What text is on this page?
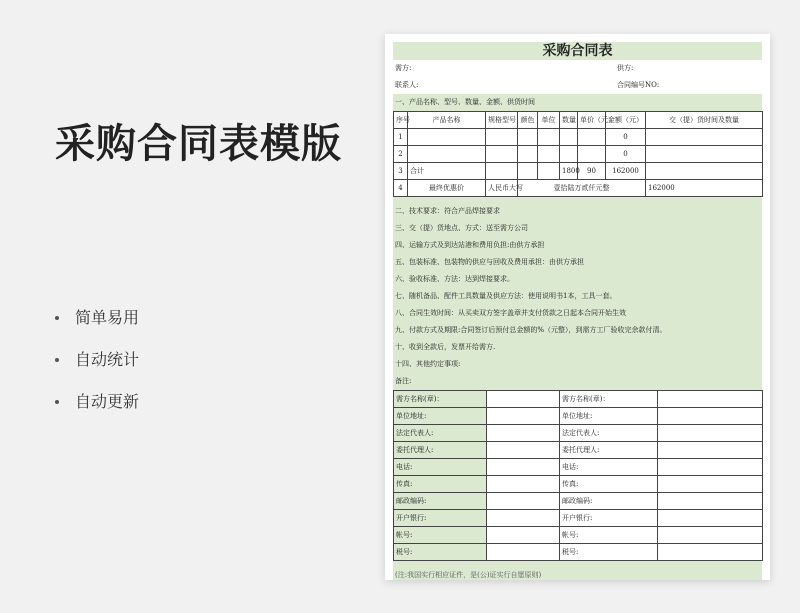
采购合同表模版
简单易用
自动统计
自动更新
采购合同表
需方:	供方:
联系人:	合同编号NO:
一、产品名称、型号、数量、金额、供货时间
序号	产品名称	规格型号	颜色	单位	数量	单价（元）	金额（元）	交（提）货时间及数量
1							0	
2							0	
3	合计				1800	90	162000	
4	最终优惠价	人民币大写	壹拾陆万贰仟元整					162000
二、技术要求：符合产品焊接要求
三、交（提）货地点、方式：送至需方公司
四、运输方式及到达站港和费用负担:由供方承担
五、包装标准、包装物的供应与回收及费用承担：由供方承担
六、验收标准、方法：达到焊接要求。
七、随机备品、配件工具数量及供应方法：使用说明书1本，工具一套。
八、合同生效时间：从买卖双方签字盖章并支付货款之日起本合同开始生效
九、付款方式及期限:合同签订后预付总金额的%（元整），到需方工厂验收完余款付清。
十、收到全款后，发票开给需方.
十四、其他约定事项:
备注:
需方名称(章)：		需方名称(章)：	
单位地址:		单位地址:	
法定代表人:		法定代表人:	
委托代理人:		委托代理人:	
电话:		电话:	
传真:		传真:	
邮政编码:		邮政编码:	
开户银行:		开户银行:	
帐号:		帐号:	
税号:		税号:	
(注:我国实行相应证件，是(公)证实行自愿原则)
